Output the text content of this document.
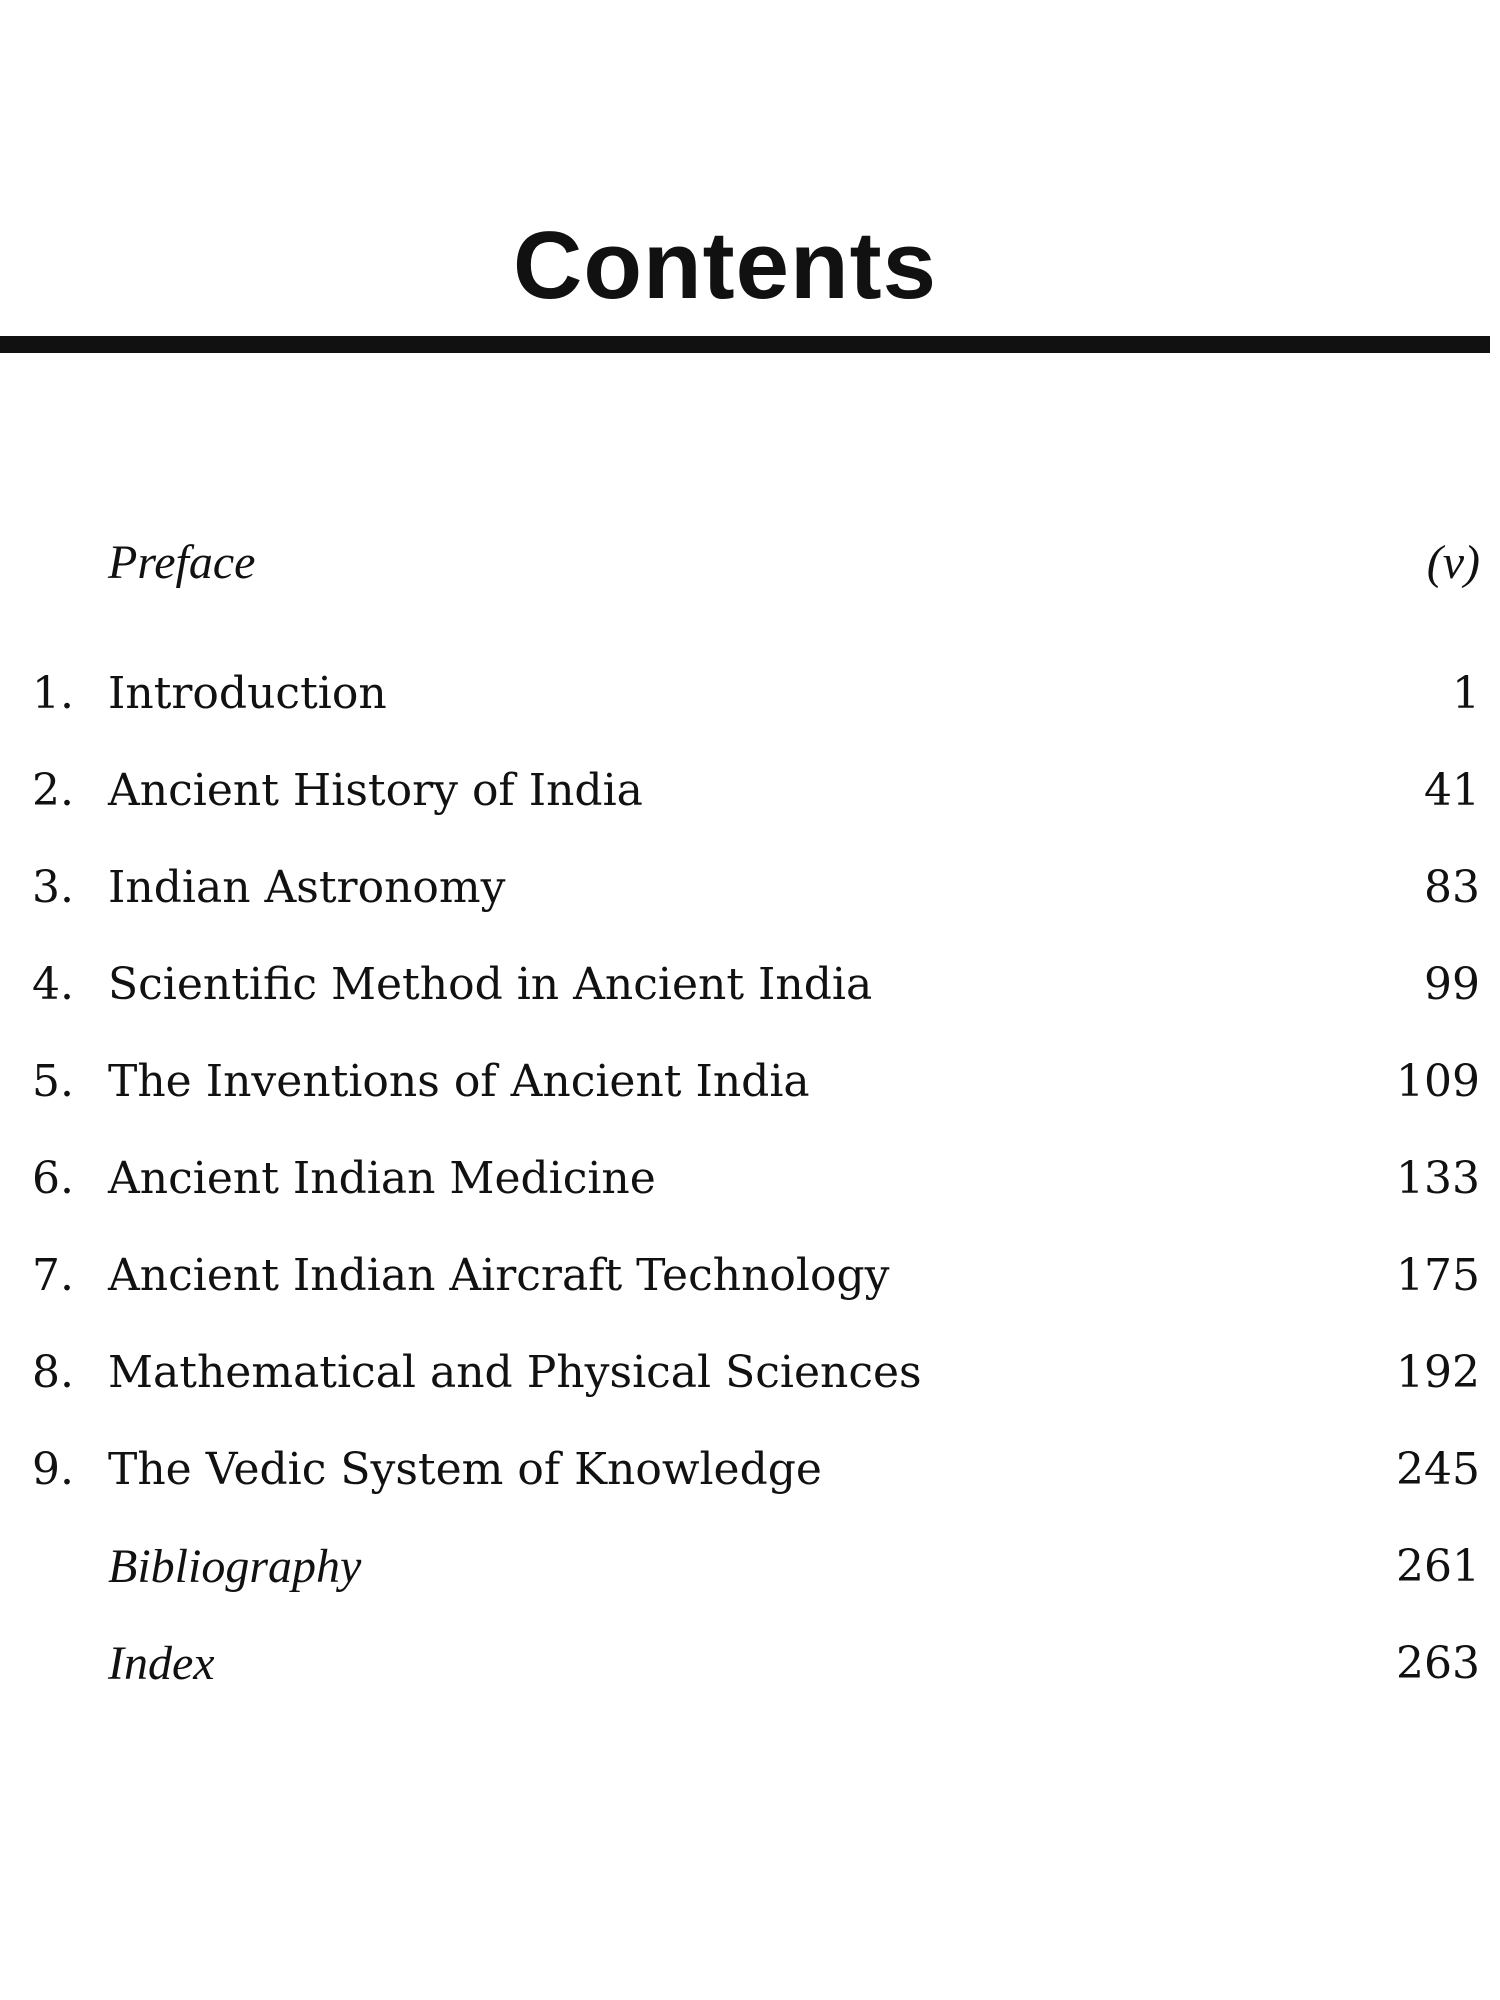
Contents
Preface	(v)
1. Introduction	1
2. Ancient History of India	41
3. Indian Astronomy	83
4. Scientific Method in Ancient India	99
5. The Inventions of Ancient India	109
6. Ancient Indian Medicine	133
7. Ancient Indian Aircraft Technology	175
8. Mathematical and Physical Sciences	192
9. The Vedic System of Knowledge	245
Bibliography	261
Index	263
